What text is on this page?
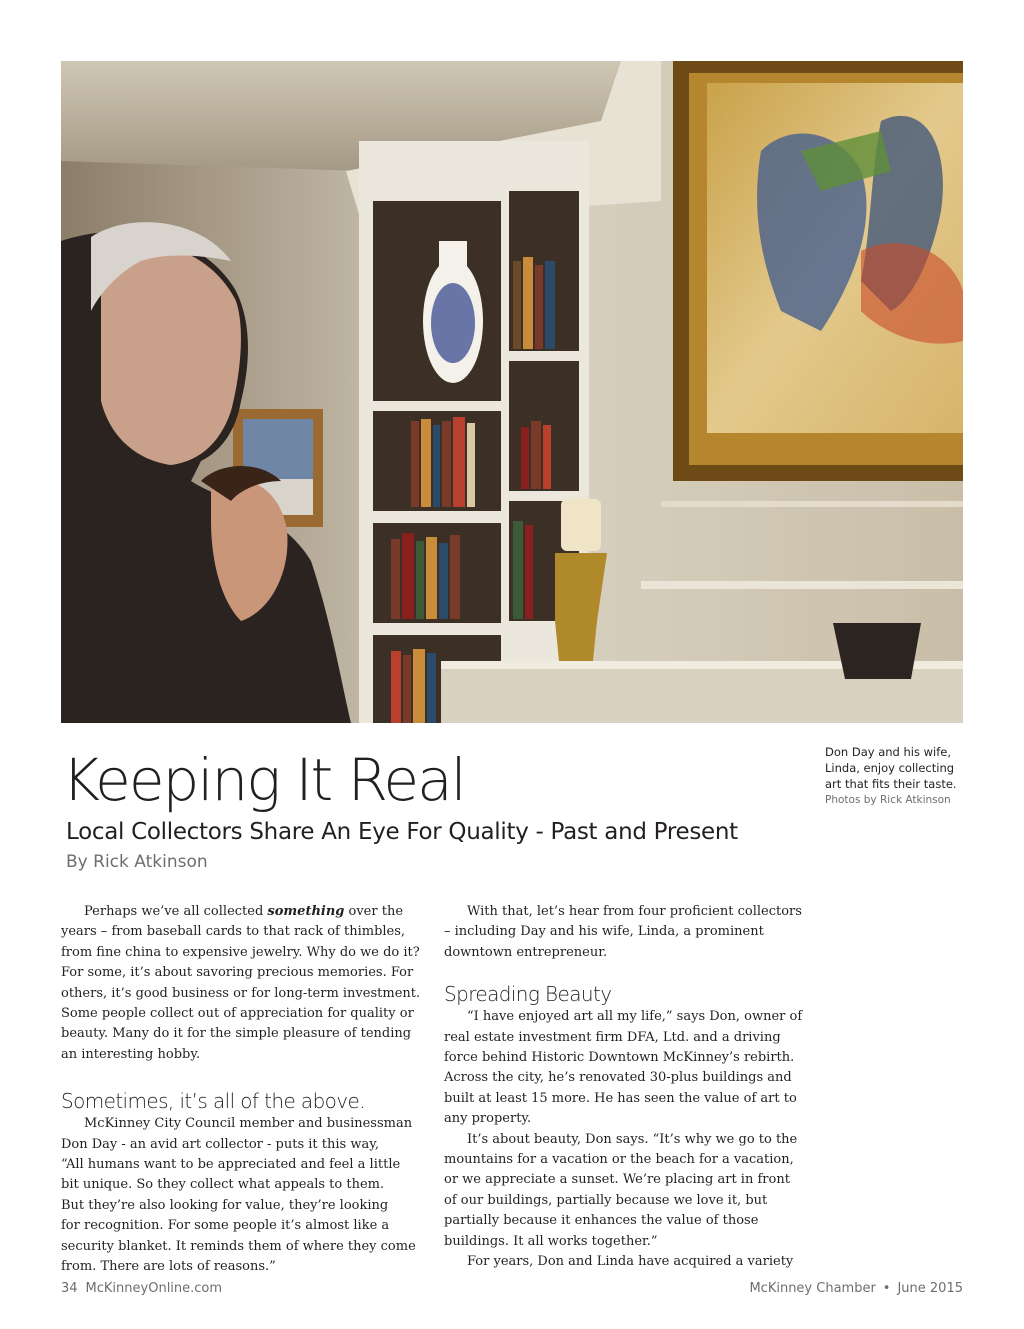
Don Day and his wife,
Linda, enjoy collecting
art that fits their taste.
Photos by Rick Atkinson
Keeping It Real
Local Collectors Share An Eye For Quality - Past and Present
By Rick Atkinson

Perhaps we’ve all collected something over the

years – from baseball cards to that rack of thimbles,

from fine china to expensive jewelry. Why do we do it?

For some, it’s about savoring precious memories. For

others, it’s good business or for long-term investment.

Some people collect out of appreciation for quality or

beauty. Many do it for the simple pleasure of tending

an interesting hobby.

Sometimes, it’s all of the above.

McKinney City Council member and businessman

Don Day - an avid art collector - puts it this way,

“All humans want to be appreciated and feel a little

bit unique. So they collect what appeals to them.

But they’re also looking for value, they’re looking

for recognition. For some people it’s almost like a

security blanket. It reminds them of where they come

from. There are lots of reasons.”

With that, let’s hear from four proficient collectors

– including Day and his wife, Linda, a prominent

downtown entrepreneur.

Spreading Beauty

“I have enjoyed art all my life,” says Don, owner of

real estate investment firm DFA, Ltd. and a driving

force behind Historic Downtown McKinney’s rebirth.

Across the city, he’s renovated 30-plus buildings and

built at least 15 more. He has seen the value of art to

any property.

It’s about beauty, Don says. “It’s why we go to the

mountains for a vacation or the beach for a vacation,

or we appreciate a sunset. We’re placing art in front

of our buildings, partially because we love it, but

partially because it enhances the value of those

buildings. It all works together.”

For years, Don and Linda have acquired a variety

34 McKinneyOnline.com	McKinney Chamber • June 2015
